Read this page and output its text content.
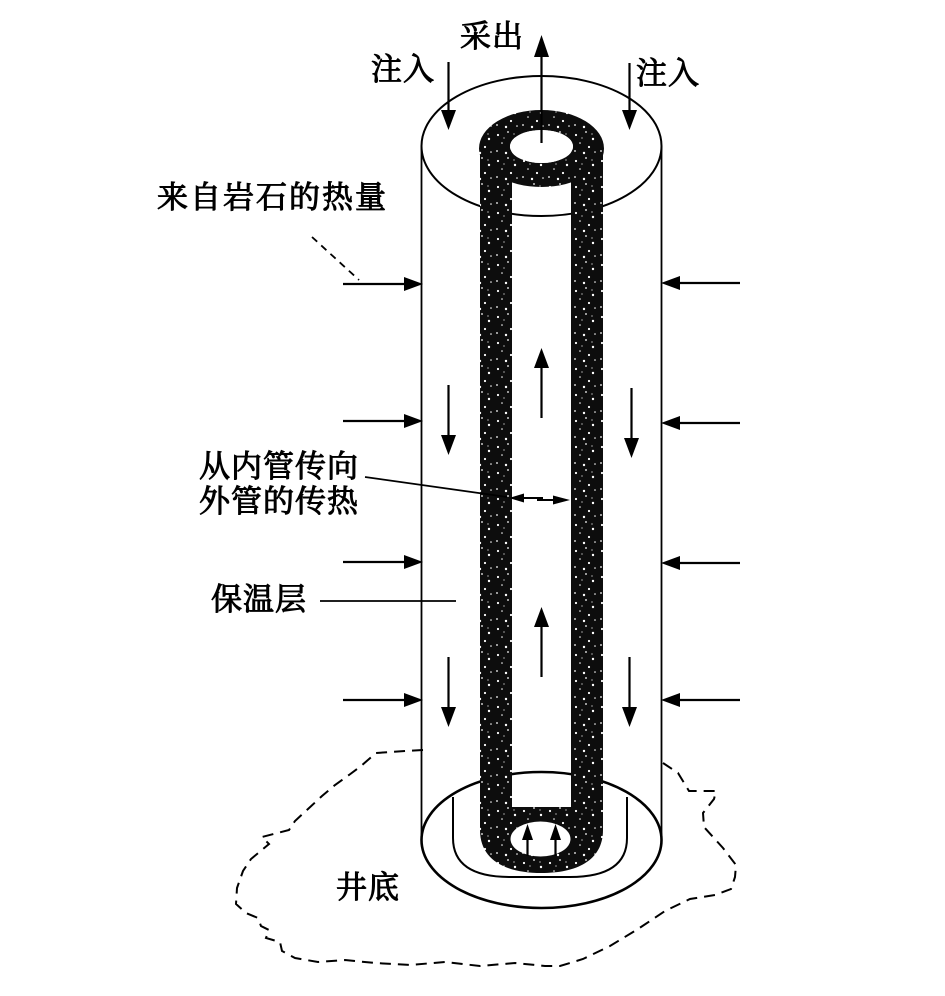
采出
注入	注入
来自岩石的热量
从内管传向
外管的传热
保温层
井底
